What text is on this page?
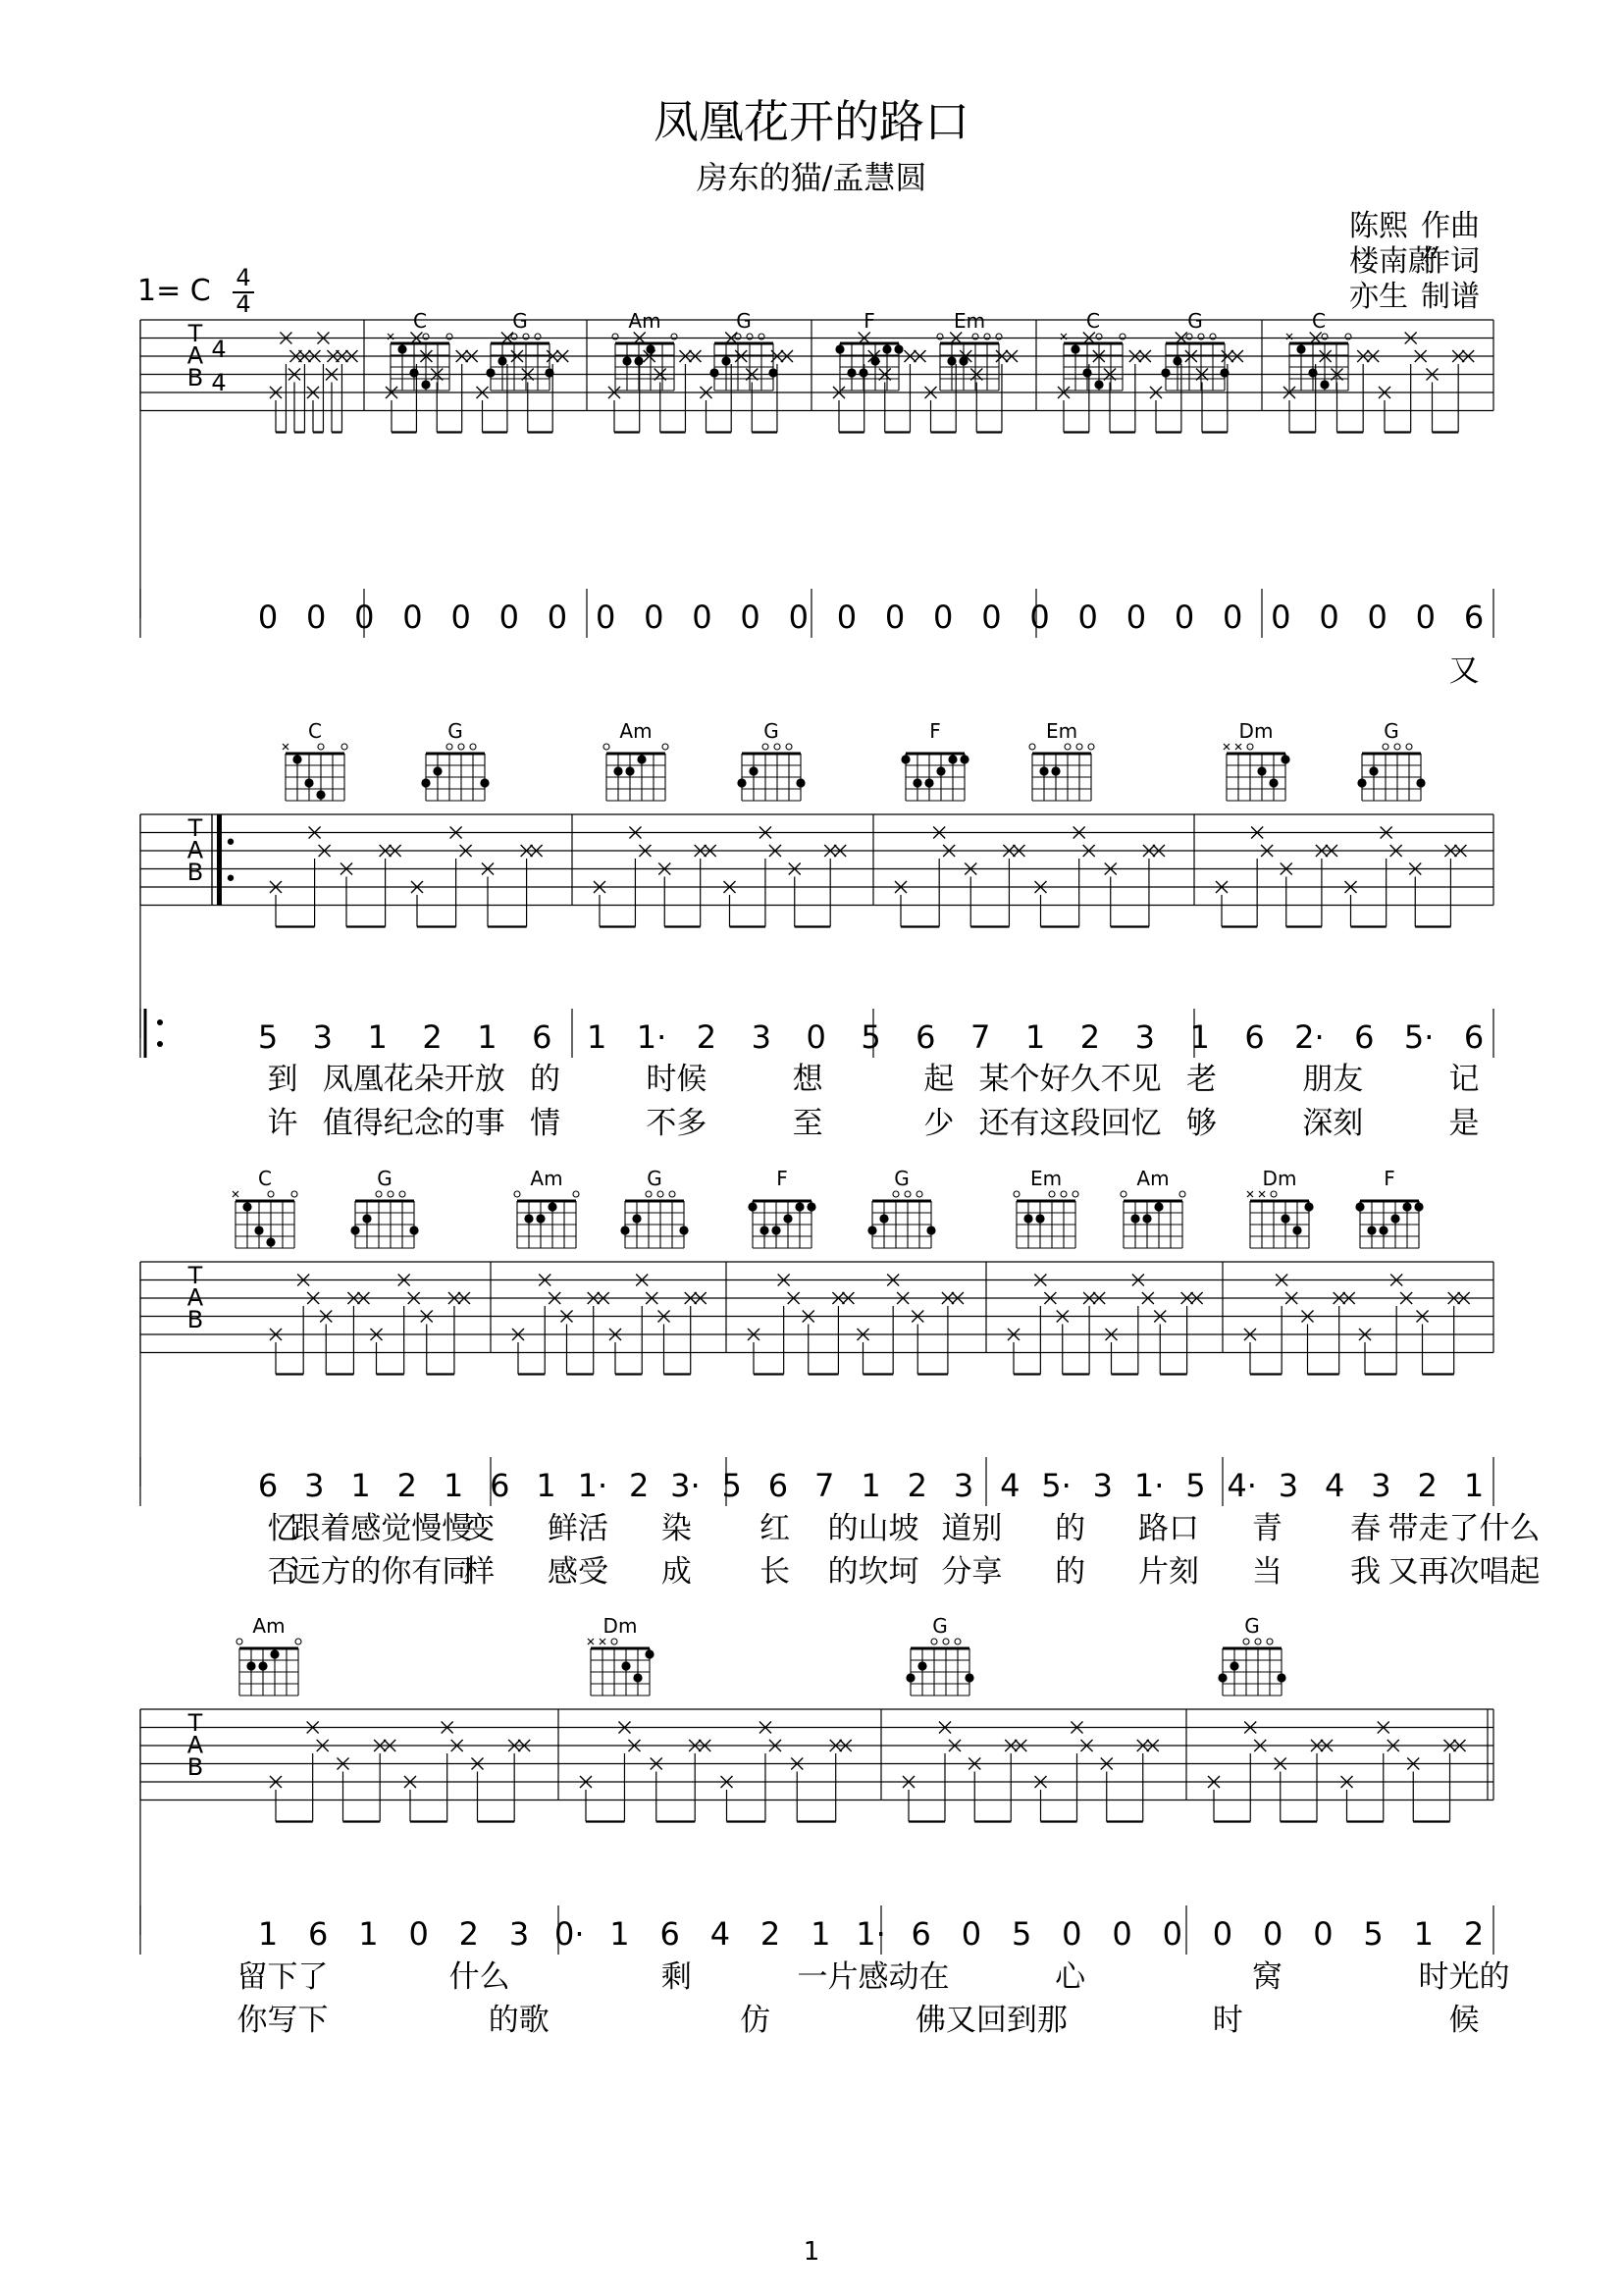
凤凰花开的路口
房东的猫/孟慧圆
1= C 4
4
陈熙 作曲
楼南蔚
作词
亦生 制谱
1
C	G	Am	G	F	Em	C	G	C
T
A
B
4
4
0 0 0 0 0 0 0 0 0 0 0 0 0 0 0 0 0 0 0 0 0 0 0 0 0 6
又
C	G	Am	G	F	Em	Dm	G
T
A
B
5 3 1 2 1 6 1 1· 2 3 0 5 6 7 1 2 3 1 6 2· 6 5· 6
到 凤凰花朵开放 的	时候	想	起 某个好久不见 老	朋友	记
许 值得纪念的事 情	不多	至	少 还有这段回忆 够	深刻	是
C	G	Am	G	F	G	Em	Am	Dm	F
T
A
B
6 3 1 2 1 6 1 1· 2 3· 5 6 7 1 2 3 4 5· 3 1· 5 4· 3 4 3 2 1
忆
跟着感觉慢慢
变 鲜活 染 红 的山坡 道别 的 路口 青 春 带走了什么
否
远方的你有同
样 感受 成 长 的坎坷 分享 的 片刻 当 我 又再次唱起
Am	Dm	G	G
T
A
B
1 6 1 0 2 3 0· 1 6 4 2 1 1· 6 0 5 0 0 0 0 0 0 5 1 2
留下了	什么	剩	一片感动在	心	窝	时光的
你写下	的歌	仿	佛又回到那	时	候
